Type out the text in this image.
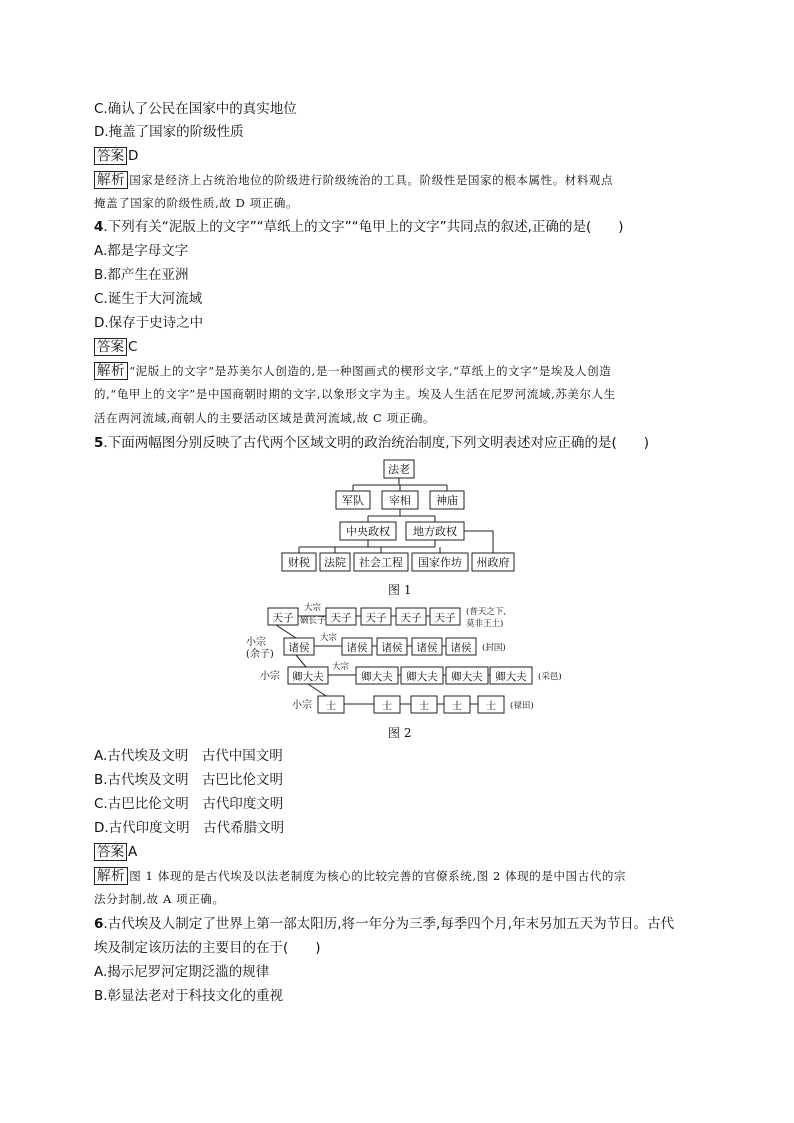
C.确认了公民在国家中的真实地位
D.掩盖了国家的阶级性质
答案 D
解析 国家是经济上占统治地位的阶级进行阶级统治的工具。阶级性是国家的根本属性。材料观点
掩盖了国家的阶级性质,故 D 项正确。
4.下列有关“泥版上的文字”“草纸上的文字”“龟甲上的文字”共同点的叙述,正确的是(　　)
A.都是字母文字
B.都产生在亚洲
C.诞生于大河流域
D.保存于史诗之中
答案 C
解析 “泥版上的文字”是苏美尔人创造的,是一种图画式的楔形文字,“草纸上的文字”是埃及人创造
的,“龟甲上的文字”是中国商朝时期的文字,以象形文字为主。埃及人生活在尼罗河流域,苏美尔人生
活在两河流域,商朝人的主要活动区域是黄河流域,故 C 项正确。
5.下面两幅图分别反映了古代两个区域文明的政治统治制度,下列文明表述对应正确的是(　　)
法老
军队 宰相 神庙
中央政权 地方政权
财税 法院 社会工程 国家作坊 州政府
图 1
天子	天子 天子 天子 天子
诸侯	诸侯 诸侯 诸侯 诸侯
卿大夫	卿大夫 卿大夫 卿大夫 卿大夫
士	士	士 士 士
大宗
嫡长子
(普天之下,
莫非王土)
小宗
(余子)
大宗
(封国)
小宗
大宗
(采邑)
小宗	(禄田)
图 2
A.古代埃及文明　古代中国文明
B.古代埃及文明　古巴比伦文明
C.古巴比伦文明　古代印度文明
D.古代印度文明　古代希腊文明
答案 A
解析 图 1 体现的是古代埃及以法老制度为核心的比较完善的官僚系统,图 2 体现的是中国古代的宗
法分封制,故 A 项正确。
6.古代埃及人制定了世界上第一部太阳历,将一年分为三季,每季四个月,年末另加五天为节日。古代
埃及制定该历法的主要目的在于(　　)
A.揭示尼罗河定期泛滥的规律
B.彰显法老对于科技文化的重视
